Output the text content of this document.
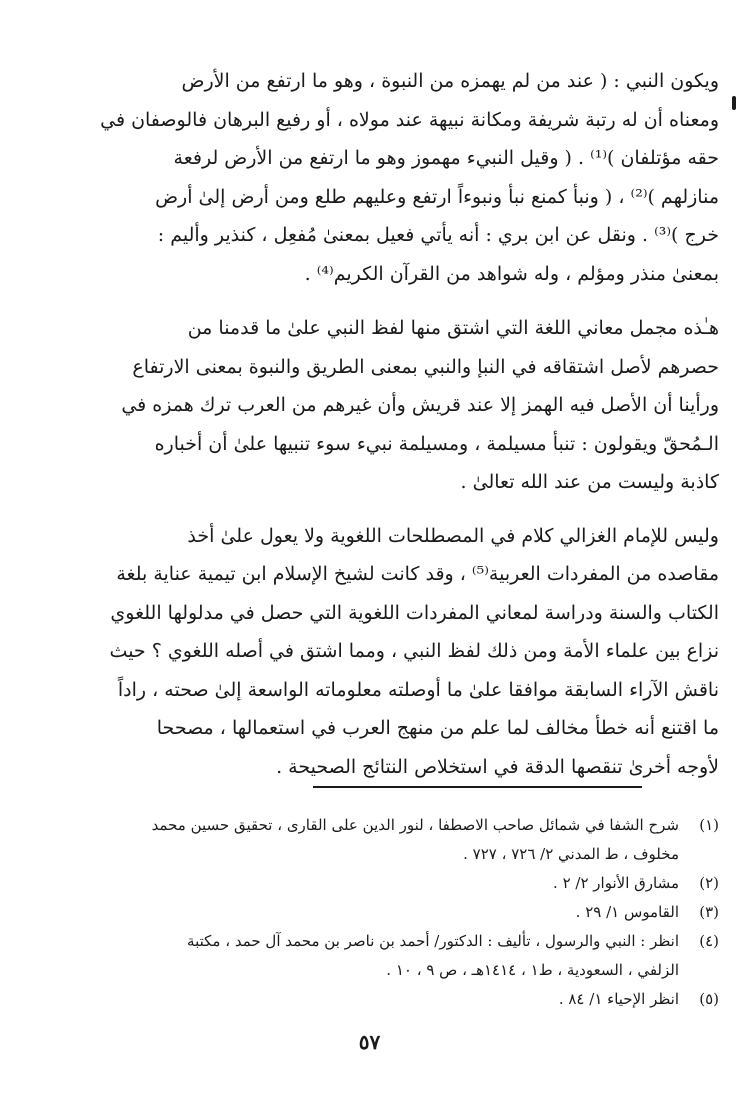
ويكون النبي : ( عند من لم يهمزه من النبوة ، وهو ما ارتفع من الأرض

ومعناه أن له رتبة شريفة ومكانة نبيهة عند مولاه ، أو رفيع البرهان فالوصفان في

حقه مؤتلفان )⁽¹⁾ . ( وقيل النبيء مهموز وهو ما ارتفع من الأرض لرفعة

منازلهم )⁽²⁾ ، ( ونبأ كمنع نبأ ونبوءاً ارتفع وعليهم طلع ومن أرض إلىٰ أرض

خرج )⁽³⁾ . ونقل عن ابن بري : أنه يأتي فعيل بمعنىٰ مُفعِل ، كنذير وأليم :

بمعنىٰ منذر ومؤلم ، وله شواهد من القرآن الكريم⁽⁴⁾ .

هـٰذه مجمل معاني اللغة التي اشتق منها لفظ النبي علىٰ ما قدمنا من

حصرهم لأصل اشتقاقه في النبإ والنبي بمعنى الطريق والنبوة بمعنى الارتفاع

ورأينا أن الأصل فيه الهمز إلا عند قريش وأن غيرهم من العرب ترك همزه في

الـمُحقّ ويقولون : تنبأ مسيلمة ، ومسيلمة نبيء سوء تنبيها علىٰ أن أخباره

كاذبة وليست من عند الله تعالىٰ .

وليس للإمام الغزالي كلام في المصطلحات اللغوية ولا يعول علىٰ أخذ

مقاصده من المفردات العربية⁽⁵⁾ ، وقد كانت لشيخ الإسلام ابن تيمية عناية بلغة

الكتاب والسنة ودراسة لمعاني المفردات اللغوية التي حصل في مدلولها اللغوي

نزاع بين علماء الأمة ومن ذلك لفظ النبي ، ومما اشتق في أصله اللغوي ؟ حيث

ناقش الآراء السابقة موافقا علىٰ ما أوصلته معلوماته الواسعة إلىٰ صحته ، راداً

ما اقتنع أنه خطأ مخالف لما علم من منهج العرب في استعمالها ، مصححا

لأوجه أخرىٰ تنقصها الدقة في استخلاص النتائج الصحيحة .

(١)
شرح الشفا في شمائل صاحب الاصطفا ، لنور الدين على القارى ، تحقيق حسين محمد
مخلوف ، ط المدني ٢/ ٧٢٦ ، ٧٢٧ .
(٢)
مشارق الأنوار ٢/ ٢ .
(٣)
القاموس ١/ ٢٩ .
(٤)
انظر : النبي والرسول ، تأليف : الدكتور/ أحمد بن ناصر بن محمد آل حمد ، مكتبة
الزلفي ، السعودية ، ط١ ، ١٤١٤هـ ، ص ٩ ، ١٠ .
(٥)
انظر الإحياء ١/ ٨٤ .
٥٧
